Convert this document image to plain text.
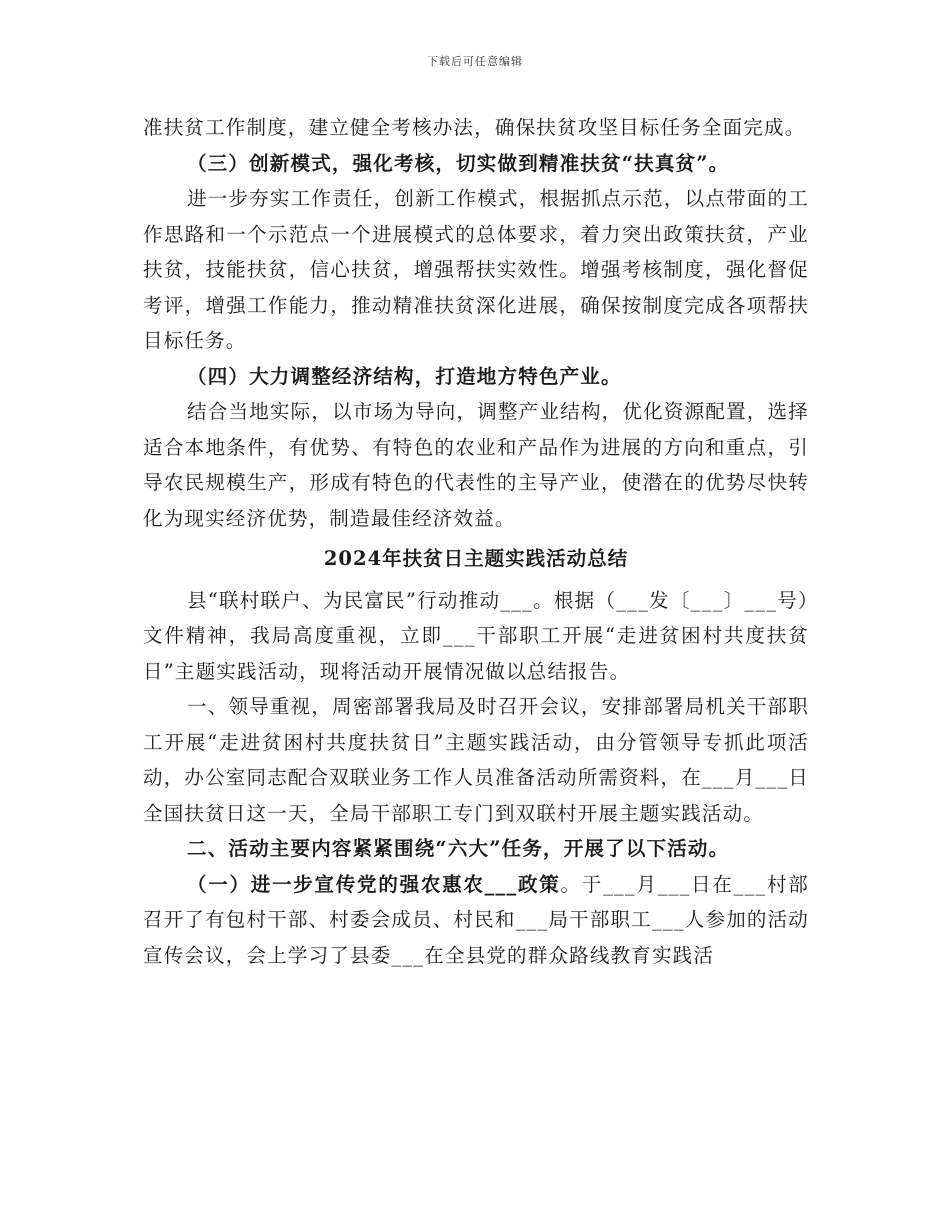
下载后可任意编辑

准扶贫工作制度，建立健全考核办法，确保扶贫攻坚目标任务全面完成。

（三）创新模式，强化考核，切实做到精准扶贫“扶真贫”。

进一步夯实工作责任，创新工作模式，根据抓点示范，以点带面的工作思路和一个示范点一个进展模式的总体要求，着力突出政策扶贫，产业扶贫，技能扶贫，信心扶贫，增强帮扶实效性。增强考核制度，强化督促考评，增强工作能力，推动精准扶贫深化进展，确保按制度完成各项帮扶目标任务。

（四）大力调整经济结构，打造地方特色产业。

结合当地实际，以市场为导向，调整产业结构，优化资源配置，选择适合本地条件，有优势、有特色的农业和产品作为进展的方向和重点，引导农民规模生产，形成有特色的代表性的主导产业，使潜在的优势尽快转化为现实经济优势，制造最佳经济效益。

2024年扶贫日主题实践活动总结

县“联村联户、为民富民”行动推动___。根据（___发〔___〕___号）文件精神，我局高度重视，立即___干部职工开展“走进贫困村共度扶贫日”主题实践活动，现将活动开展情况做以总结报告。

一、领导重视，周密部署我局及时召开会议，安排部署局机关干部职工开展“走进贫困村共度扶贫日”主题实践活动，由分管领导专抓此项活动，办公室同志配合双联业务工作人员准备活动所需资料，在___月___日全国扶贫日这一天，全局干部职工专门到双联村开展主题实践活动。

二、活动主要内容紧紧围绕“六大”任务，开展了以下活动。

（一）进一步宣传党的强农惠农___政策。于___月___日在___村部召开了有包村干部、村委会成员、村民和___局干部职工___人参加的活动宣传会议，会上学习了县委___在全县党的群众路线教育实践活
